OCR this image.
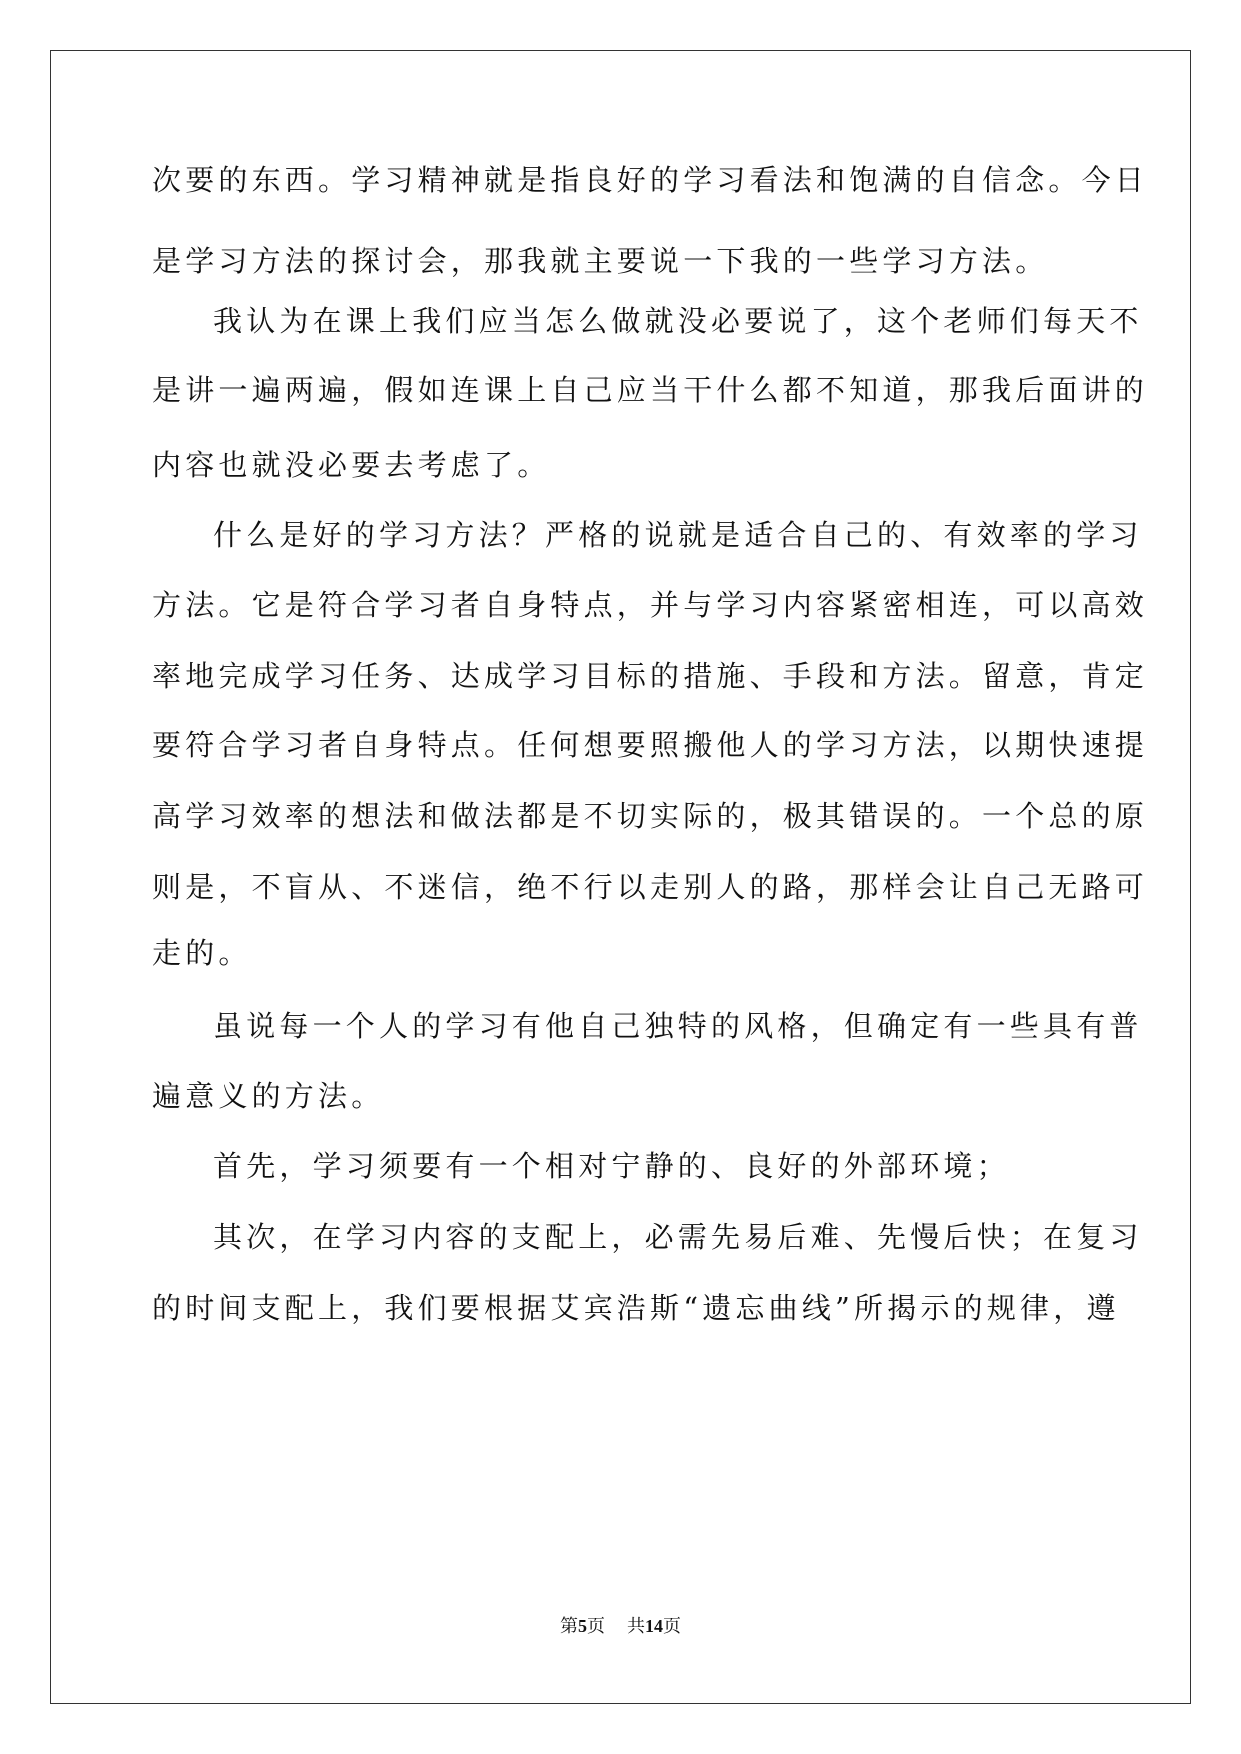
次要的东西。学习精神就是指良好的学习看法和饱满的自信念。今日
是学习方法的探讨会，那我就主要说一下我的一些学习方法。
我认为在课上我们应当怎么做就没必要说了，这个老师们每天不
是讲一遍两遍，假如连课上自己应当干什么都不知道，那我后面讲的
内容也就没必要去考虑了。
什么是好的学习方法？严格的说就是适合自己的、有效率的学习
方法。它是符合学习者自身特点，并与学习内容紧密相连，可以高效
率地完成学习任务、达成学习目标的措施、手段和方法。留意，肯定
要符合学习者自身特点。任何想要照搬他人的学习方法，以期快速提
高学习效率的想法和做法都是不切实际的，极其错误的。一个总的原
则是，不盲从、不迷信，绝不行以走别人的路，那样会让自己无路可
走的。
虽说每一个人的学习有他自己独特的风格，但确定有一些具有普
遍意义的方法。
首先，学习须要有一个相对宁静的、良好的外部环境；
其次，在学习内容的支配上，必需先易后难、先慢后快；在复习
的时间支配上，我们要根据艾宾浩斯“遗忘曲线”所揭示的规律，遵
第5页 共14页
